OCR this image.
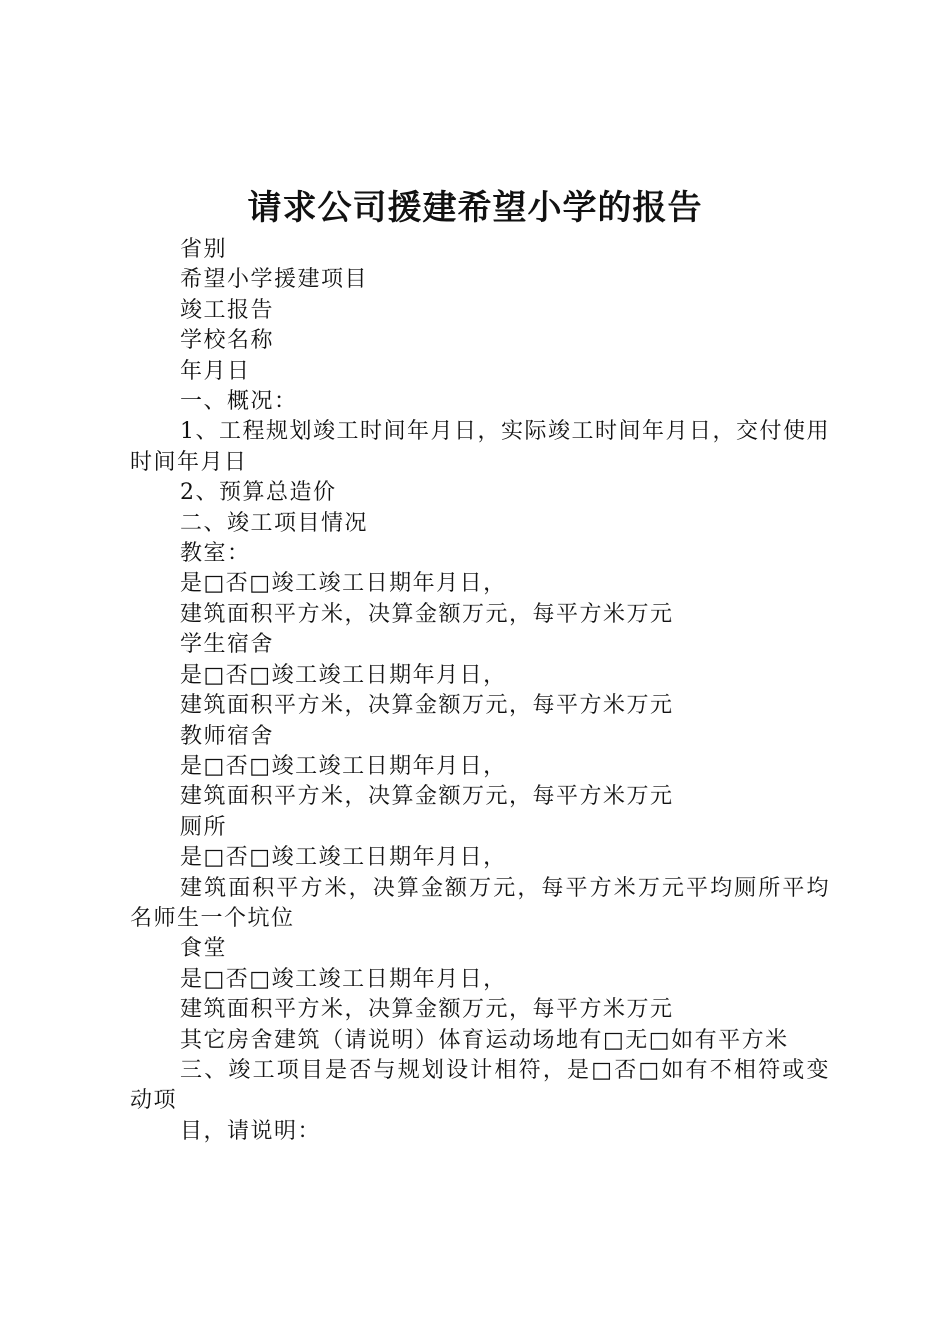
请求公司援建希望小学的报告

省别

希望小学援建项目

竣工报告

学校名称

年月日

一、概况：

1、工程规划竣工时间年月日，实际竣工时间年月日，交付使用时间年月日

2、预算总造价

二、竣工项目情况

教室：

是□否□竣工竣工日期年月日，

建筑面积平方米，决算金额万元，每平方米万元

学生宿舍

是□否□竣工竣工日期年月日，

建筑面积平方米，决算金额万元，每平方米万元

教师宿舍

是□否□竣工竣工日期年月日，

建筑面积平方米，决算金额万元，每平方米万元

厕所

是□否□竣工竣工日期年月日，

建筑面积平方米，决算金额万元，每平方米万元平均厕所平均名师生一个坑位

食堂

是□否□竣工竣工日期年月日，

建筑面积平方米，决算金额万元，每平方米万元

其它房舍建筑（请说明）体育运动场地有□无□如有平方米

三、竣工项目是否与规划设计相符，是□否□如有不相符或变动项

目，请说明：
